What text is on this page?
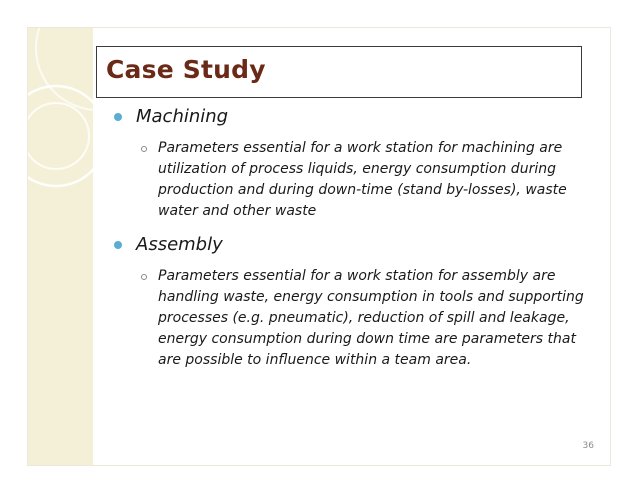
Case Study
Machining
Parameters essential for a work station for machining are utilization of process liquids, energy consumption during production and during down-time (stand by-losses), waste water and other waste
Assembly
Parameters essential for a work station for assembly are handling waste, energy consumption in tools and supporting processes (e.g. pneumatic), reduction of spill and leakage, energy consumption during down time are parameters that are possible to influence within a team area.
36
